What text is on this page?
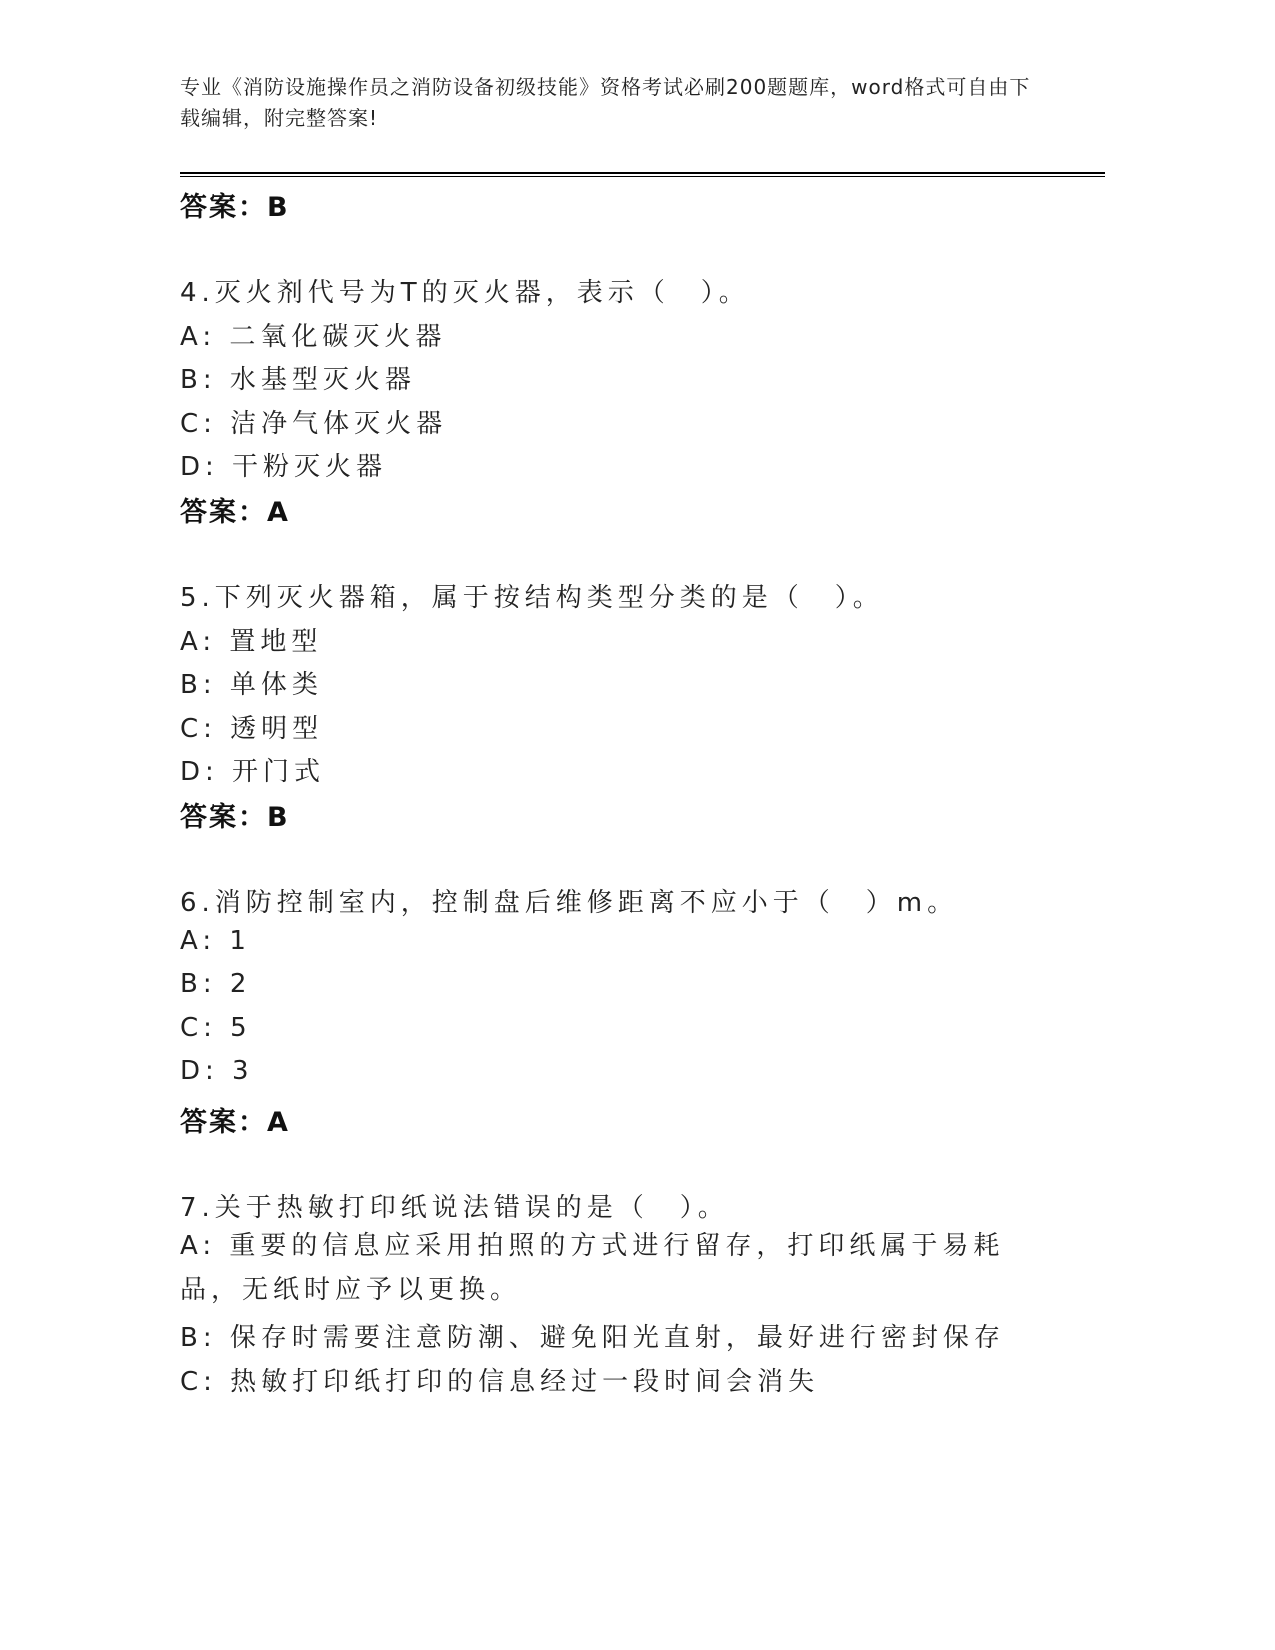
专业《消防设施操作员之消防设备初级技能》资格考试必刷200题题库，word格式可自由下载编辑，附完整答案!
答案：B
4.灭火剂代号为T的灭火器，表示（　）。
A: 二氧化碳灭火器
B: 水基型灭火器
C: 洁净气体灭火器
D: 干粉灭火器
答案：A
5.下列灭火器箱，属于按结构类型分类的是（　）。
A: 置地型
B: 单体类
C: 透明型
D: 开门式
答案：B
6.消防控制室内，控制盘后维修距离不应小于（　）m。
A: 1
B: 2
C: 5
D: 3
答案：A
7.关于热敏打印纸说法错误的是（　）。
A: 重要的信息应采用拍照的方式进行留存，打印纸属于易耗品，无纸时应予以更换。
B: 保存时需要注意防潮、避免阳光直射，最好进行密封保存
C: 热敏打印纸打印的信息经过一段时间会消失
